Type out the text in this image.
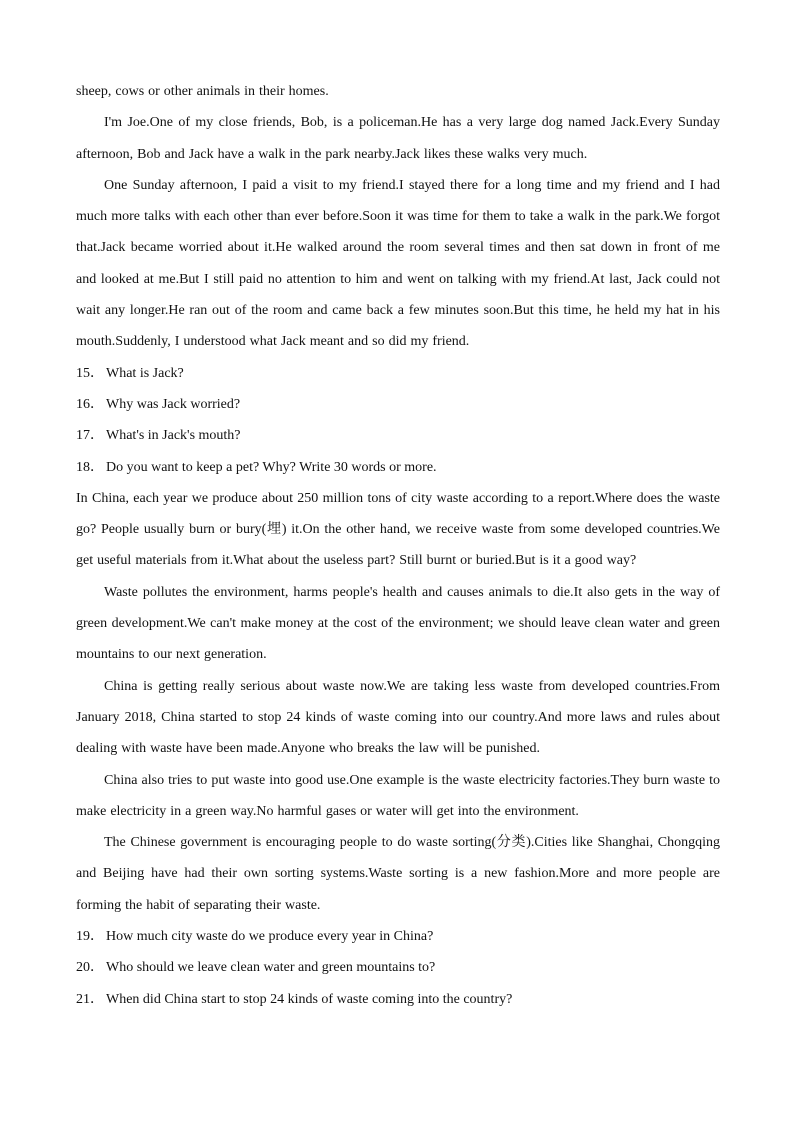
sheep, cows or other animals in their homes.

I'm Joe.One of my close friends, Bob, is a policeman.He has a very large dog named Jack.Every Sunday afternoon, Bob and Jack have a walk in the park nearby.Jack likes these walks very much.

One Sunday afternoon, I paid a visit to my friend.I stayed there for a long time and my friend and I had much more talks with each other than ever before.Soon it was time for them to take a walk in the park.We forgot that.Jack became worried about it.He walked around the room several times and then sat down in front of me and looked at me.But I still paid no attention to him and went on talking with my friend.At last, Jack could not wait any longer.He ran out of the room and came back a few minutes soon.But this time, he held my hat in his mouth.Suddenly, I understood what Jack meant and so did my friend.

15． What is Jack?
16． Why was Jack worried?
17． What's in Jack's mouth?
18． Do you want to keep a pet? Why? Write 30 words or more.

In China, each year we produce about 250 million tons of city waste according to a report.Where does the waste go? People usually burn or bury(埋) it.On the other hand, we receive waste from some developed countries.We get useful materials from it.What about the useless part? Still burnt or buried.But is it a good way?

Waste pollutes the environment, harms people's health and causes animals to die.It also gets in the way of green development.We can't make money at the cost of the environment; we should leave clean water and green mountains to our next generation.

China is getting really serious about waste now.We are taking less waste from developed countries.From January 2018, China started to stop 24 kinds of waste coming into our country.And more laws and rules about dealing with waste have been made.Anyone who breaks the law will be punished.

China also tries to put waste into good use.One example is the waste electricity factories.They burn waste to make electricity in a green way.No harmful gases or water will get into the environment.

The Chinese government is encouraging people to do waste sorting(分类).Cities like Shanghai, Chongqing and Beijing have had their own sorting systems.Waste sorting is a new fashion.More and more people are forming the habit of separating their waste.

19． How much city waste do we produce every year in China?
20． Who should we leave clean water and green mountains to?
21． When did China start to stop 24 kinds of waste coming into the country?
